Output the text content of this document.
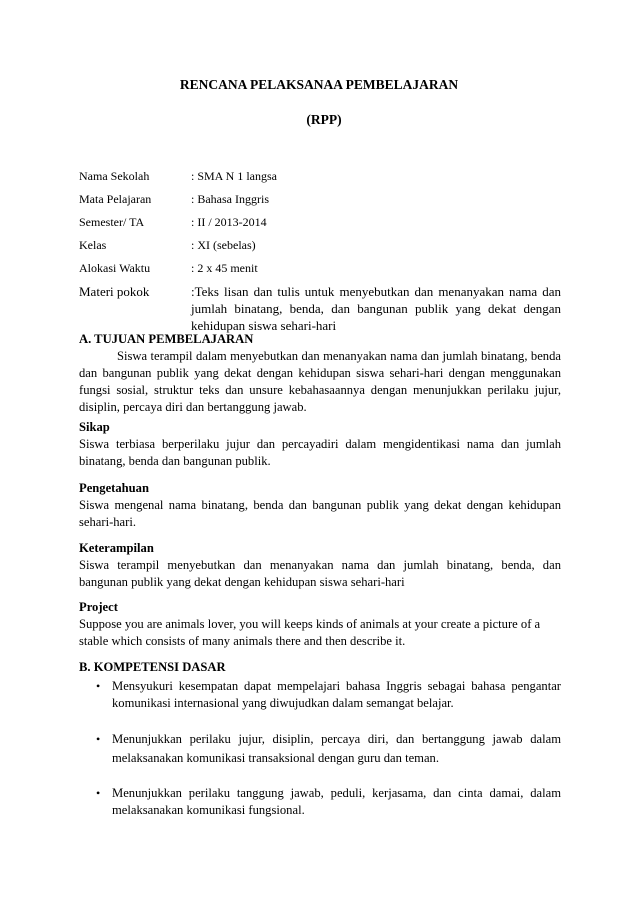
RENCANA PELAKSANAA PEMBELAJARAN
(RPP)
Nama Sekolah	: SMA N 1 langsa
Mata Pelajaran	: Bahasa Inggris
Semester/ TA	: II / 2013-2014
Kelas	: XI (sebelas)
Alokasi Waktu	: 2 x 45 menit
Materi pokok	:Teks lisan dan tulis untuk menyebutkan dan menanyakan nama dan jumlah binatang, benda, dan bangunan publik yang dekat dengan kehidupan siswa sehari-hari
A. TUJUAN PEMBELAJARAN
Siswa terampil dalam menyebutkan dan menanyakan nama dan jumlah binatang, benda dan bangunan publik yang dekat dengan kehidupan siswa sehari-hari dengan menggunakan fungsi sosial, struktur teks dan unsure kebahasaannya dengan menunjukkan perilaku jujur, disiplin, percaya diri dan bertanggung jawab.
Sikap
Siswa terbiasa berperilaku jujur dan percayadiri dalam mengidentikasi nama dan jumlah binatang, benda dan bangunan publik.
Pengetahuan
Siswa mengenal nama binatang, benda dan bangunan publik yang dekat dengan kehidupan sehari-hari.
Keterampilan
Siswa terampil menyebutkan dan menanyakan nama dan jumlah binatang, benda, dan bangunan publik yang dekat dengan kehidupan siswa sehari-hari
Project
Suppose you are animals lover, you will keeps kinds of animals at your create a picture of a stable which consists of many animals there and then describe it.
B. KOMPETENSI DASAR
• Mensyukuri kesempatan dapat mempelajari bahasa Inggris sebagai bahasa pengantar komunikasi internasional yang diwujudkan dalam semangat belajar.
• Menunjukkan perilaku jujur, disiplin, percaya diri, dan bertanggung jawab dalam melaksanakan komunikasi transaksional dengan guru dan teman.
• Menunjukkan perilaku tanggung jawab, peduli, kerjasama, dan cinta damai, dalam melaksanakan komunikasi fungsional.
